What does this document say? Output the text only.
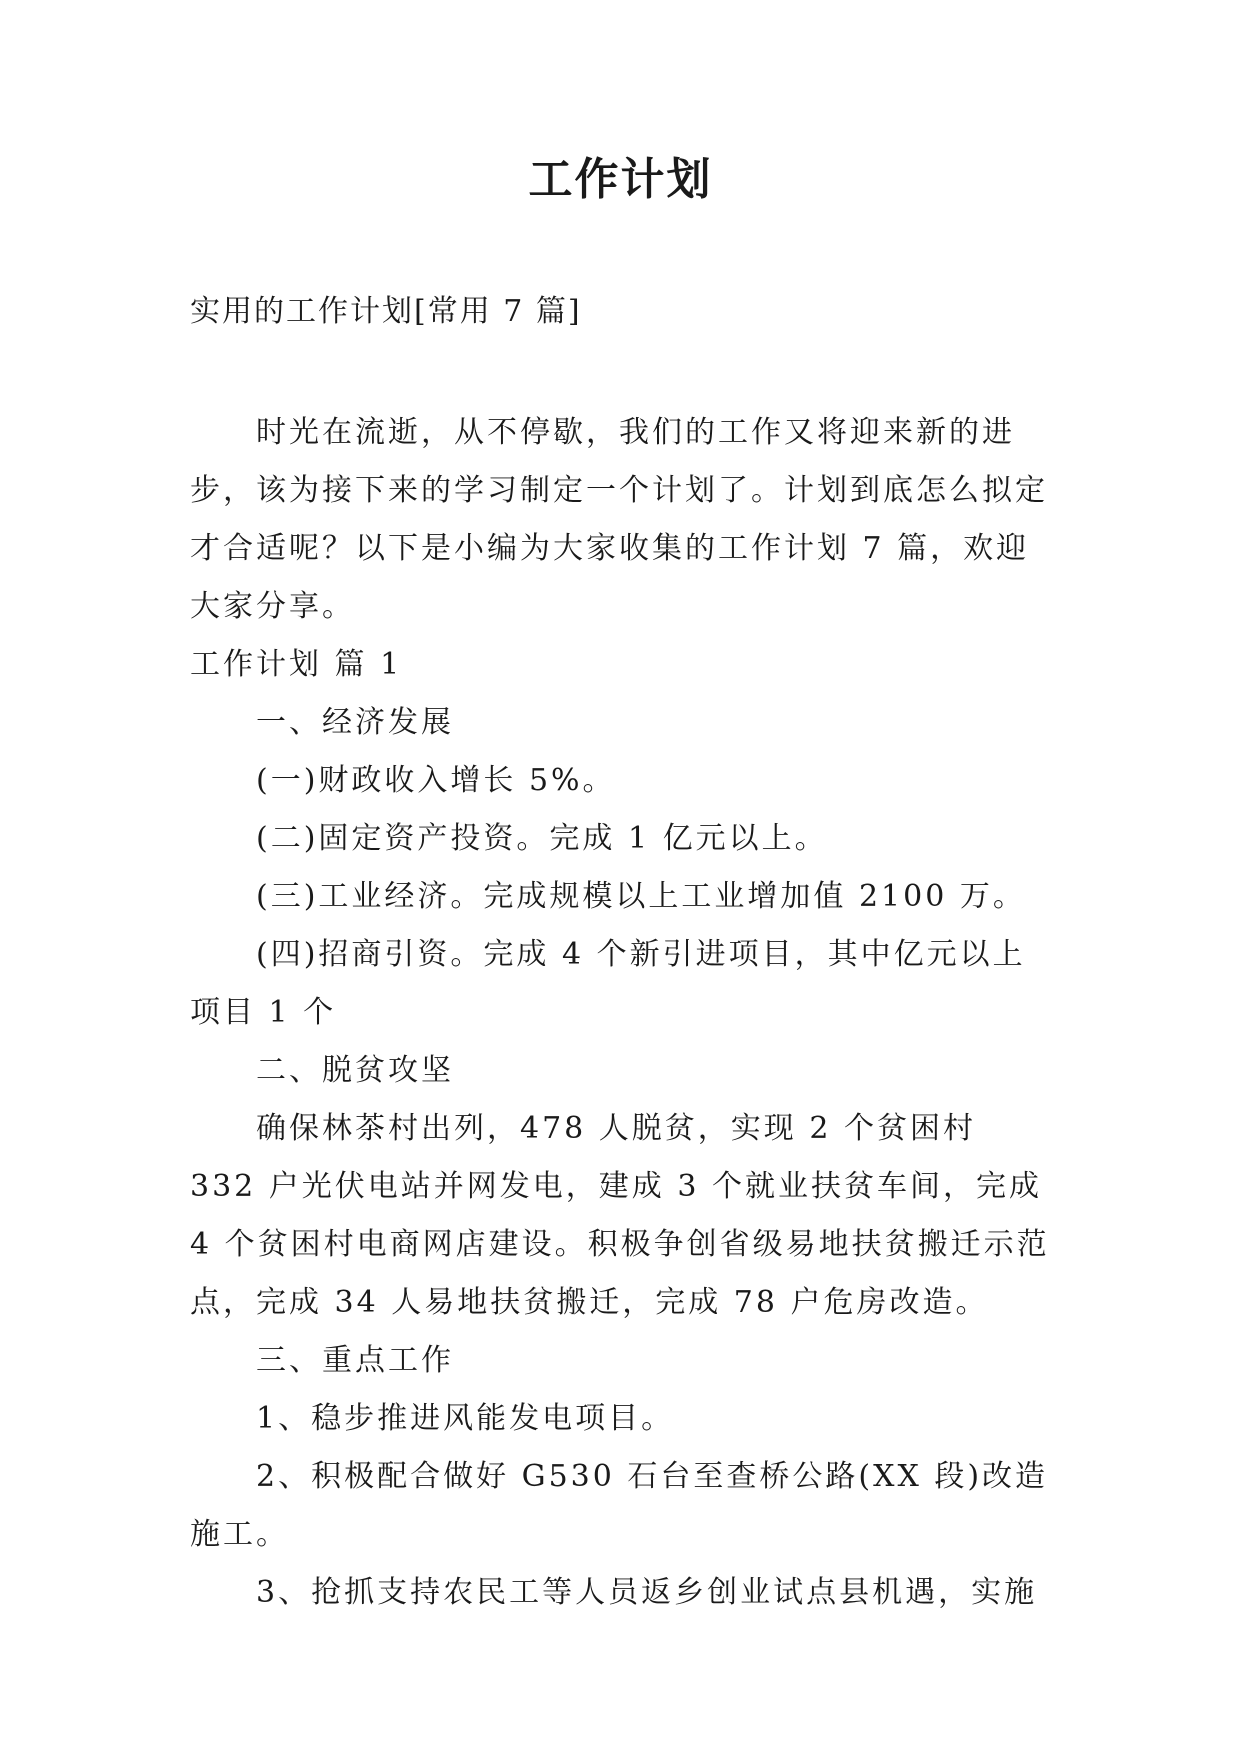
工作计划

实用的工作计划[常用 7 篇]

时光在流逝，从不停歇，我们的工作又将迎来新的进步，该为接下来的学习制定一个计划了。计划到底怎么拟定才合适呢？以下是小编为大家收集的工作计划 7 篇，欢迎大家分享。

工作计划 篇 1

一、经济发展

(一)财政收入增长 5%。

(二)固定资产投资。完成 1 亿元以上。

(三)工业经济。完成规模以上工业增加值 2100 万。

(四)招商引资。完成 4 个新引进项目，其中亿元以上项目 1 个

二、脱贫攻坚

确保林茶村出列，478 人脱贫，实现 2 个贫困村 332 户光伏电站并网发电，建成 3 个就业扶贫车间，完成 4 个贫困村电商网店建设。积极争创省级易地扶贫搬迁示范点，完成 34 人易地扶贫搬迁，完成 78 户危房改造。

三、重点工作

1、稳步推进风能发电项目。

2、积极配合做好 G530 石台至查桥公路(XX 段)改造施工。

3、抢抓支持农民工等人员返乡创业试点县机遇，实施
